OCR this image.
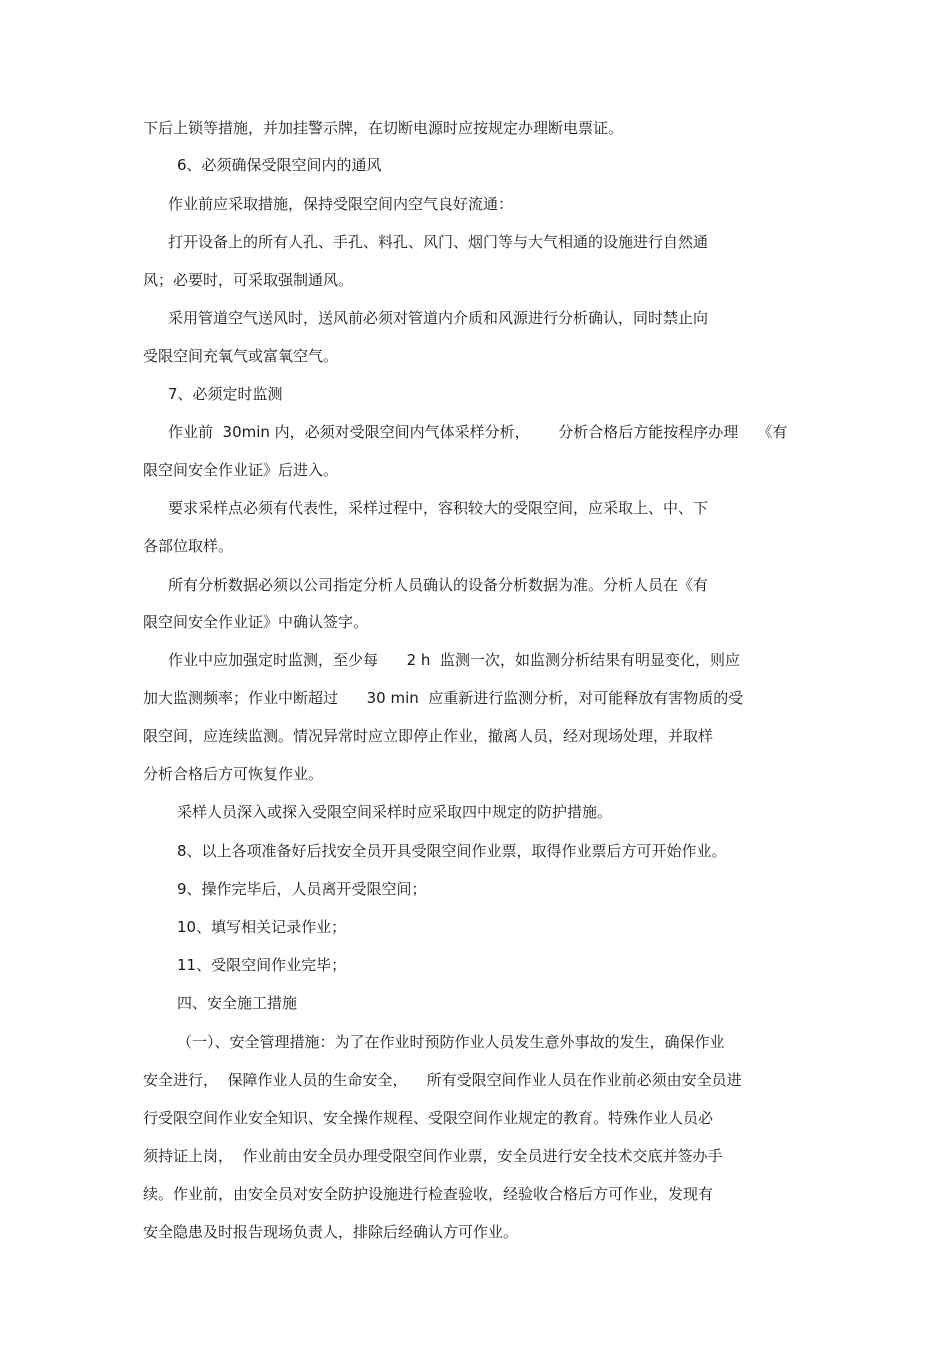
下后上锁等措施，并加挂警示牌，在切断电源时应按规定办理断电票证。
6、必须确保受限空间内的通风
作业前应采取措施，保持受限空间内空气良好流通：
打开设备上的所有人孔、手孔、料孔、风门、烟门等与大气相通的设施进行自然通
风；必要时，可采取强制通风。
采用管道空气送风时，送风前必须对管道内介质和风源进行分析确认，同时禁止向
受限空间充氧气或富氧空气。
7、必须定时监测
作业前  30min 内，必须对受限空间内气体采样分析，      分析合格后方能按程序办理    《有
限空间安全作业证》后进入。
要求采样点必须有代表性，采样过程中，容积较大的受限空间，应采取上、中、下
各部位取样。
所有分析数据必须以公司指定分析人员确认的设备分析数据为准。分析人员在《有
限空间安全作业证》中确认签字。
作业中应加强定时监测，至少每      2 h  监测一次，如监测分析结果有明显变化，则应
加大监测频率；作业中断超过      30 min  应重新进行监测分析，对可能释放有害物质的受
限空间，应连续监测。情况异常时应立即停止作业，撤离人员，经对现场处理，并取样
分析合格后方可恢复作业。
采样人员深入或探入受限空间采样时应采取四中规定的防护措施。
8、以上各项准备好后找安全员开具受限空间作业票，取得作业票后方可开始作业。
9、操作完毕后，人员离开受限空间；
10、填写相关记录作业；
11、受限空间作业完毕；
四、安全施工措施
（一）、安全管理措施：为了在作业时预防作业人员发生意外事故的发生，确保作业
安全进行，  保障作业人员的生命安全，    所有受限空间作业人员在作业前必须由安全员进
行受限空间作业安全知识、安全操作规程、受限空间作业规定的教育。特殊作业人员必
须持证上岗，  作业前由安全员办理受限空间作业票，安全员进行安全技术交底并签办手
续。作业前，由安全员对安全防护设施进行检查验收，经验收合格后方可作业，发现有
安全隐患及时报告现场负责人，排除后经确认方可作业。
